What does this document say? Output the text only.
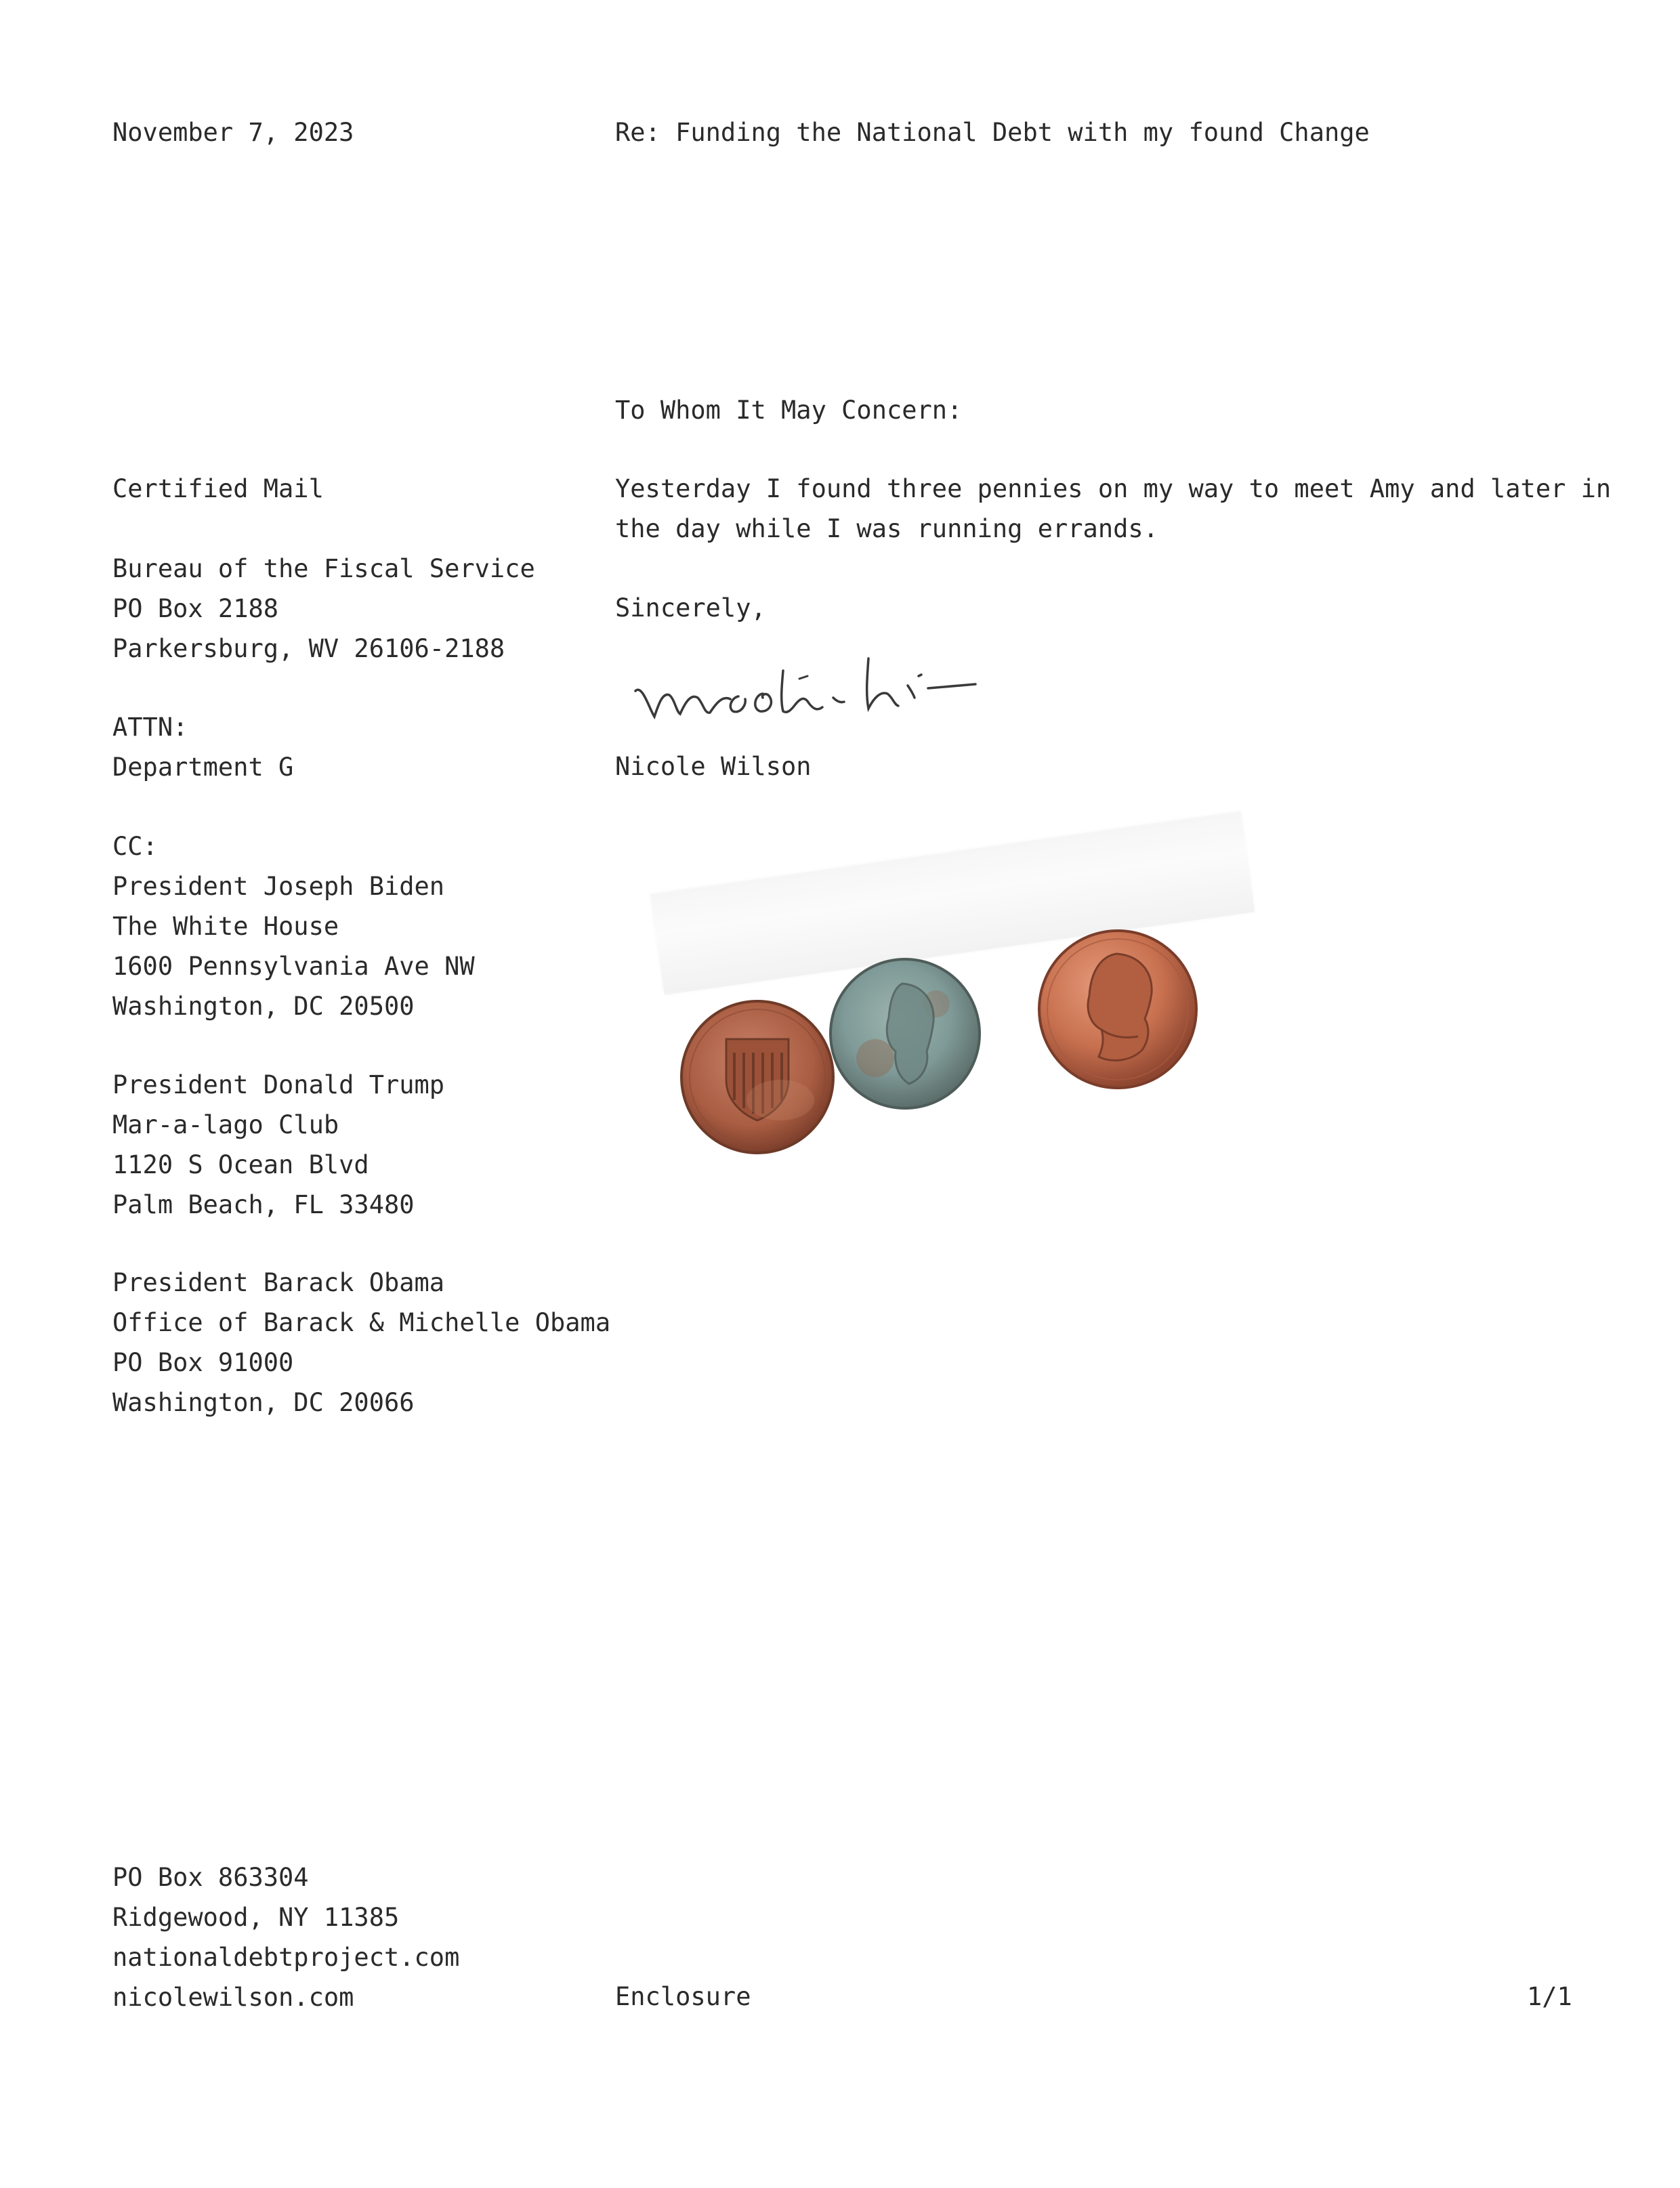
November 7, 2023	Re: Funding the National Debt with my found Change

To Whom It May Concern:

Yesterday I found three pennies on my way to meet Amy and later in
the day while I was running errands.

Sincerely,

Nicole Wilson

Certified Mail

Bureau of the Fiscal Service
PO Box 2188
Parkersburg, WV 26106-2188
ATTN:
Department G
CC:
President Joseph Biden
The White House
1600 Pennsylvania Ave NW
Washington, DC 20500
President Donald Trump
Mar-a-lago Club
1120 S Ocean Blvd
Palm Beach, FL 33480
President Barack Obama
Office of Barack & Michelle Obama
PO Box 91000
Washington, DC 20066
PO Box 863304
Ridgewood, NY 11385
nationaldebtproject.com
nicolewilson.com	Enclosure	1/1
